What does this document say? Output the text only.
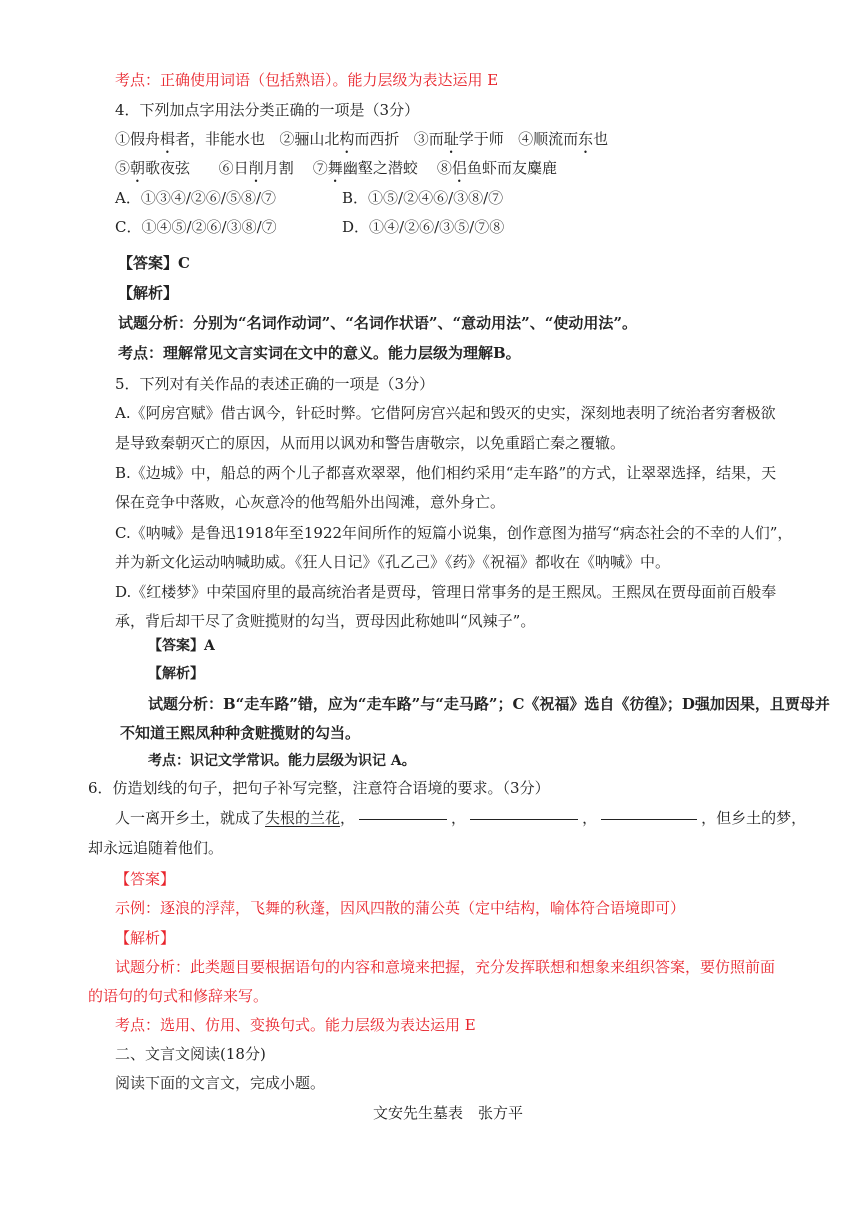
考点：正确使用词语（包括熟语）。能力层级为表达运用 E
4．下列加点字用法分类正确的一项是（3分）
①假舟楫者，非能水也 ②骊山北构而西折 ③而耻学于师 ④顺流而东也
⑤朝歌夜弦 ⑥日削月割 ⑦舞幽壑之潜蛟 ⑧侣鱼虾而友麋鹿
A．①③④/②⑥/⑤⑧/⑦	B．①⑤/②④⑥/③⑧/⑦
C．①④⑤/②⑥/③⑧/⑦	D．①④/②⑥/③⑤/⑦⑧
【答案】C
【解析】
试题分析：分别为“名词作动词”、“名词作状语”、“意动用法”、“使动用法”。
考点：理解常见文言实词在文中的意义。能力层级为理解B。
5．下列对有关作品的表述正确的一项是（3分）
A.《阿房宫赋》借古讽今，针砭时弊。它借阿房宫兴起和毁灭的史实，深刻地表明了统治者穷奢极欲
是导致秦朝灭亡的原因，从而用以讽劝和警告唐敬宗，以免重蹈亡秦之覆辙。
B.《边城》中，船总的两个儿子都喜欢翠翠，他们相约采用“走车路”的方式，让翠翠选择，结果，天
保在竞争中落败，心灰意冷的他驾船外出闯滩，意外身亡。
C.《呐喊》是鲁迅1918年至1922年间所作的短篇小说集，创作意图为描写“病态社会的不幸的人们”，
并为新文化运动呐喊助威。《狂人日记》《孔乙己》《药》《祝福》都收在《呐喊》中。
D.《红楼梦》中荣国府里的最高统治者是贾母，管理日常事务的是王熙凤。王熙凤在贾母面前百般奉
承，背后却干尽了贪赃揽财的勾当，贾母因此称她叫“风辣子”。
【答案】A
【解析】
试题分析：B“走车路”错，应为“走车路”与“走马路”；C《祝福》选自《彷徨》；D强加因果，且贾母并
不知道王熙凤种种贪赃揽财的勾当。
考点：识记文学常识。能力层级为识记 A。
6．仿造划线的句子，把句子补写完整，注意符合语境的要求。（3分）
人一离开乡土，就成了失根的兰花，	，	，	，但乡土的梦，
却永远追随着他们。
【答案】
示例：逐浪的浮萍，飞舞的秋蓬，因风四散的蒲公英（定中结构，喻体符合语境即可）
【解析】
试题分析：此类题目要根据语句的内容和意境来把握，充分发挥联想和想象来组织答案，要仿照前面
的语句的句式和修辞来写。
考点：选用、仿用、变换句式。能力层级为表达运用 E
二、文言文阅读(18分)
阅读下面的文言文，完成小题。
文安先生墓表　张方平
